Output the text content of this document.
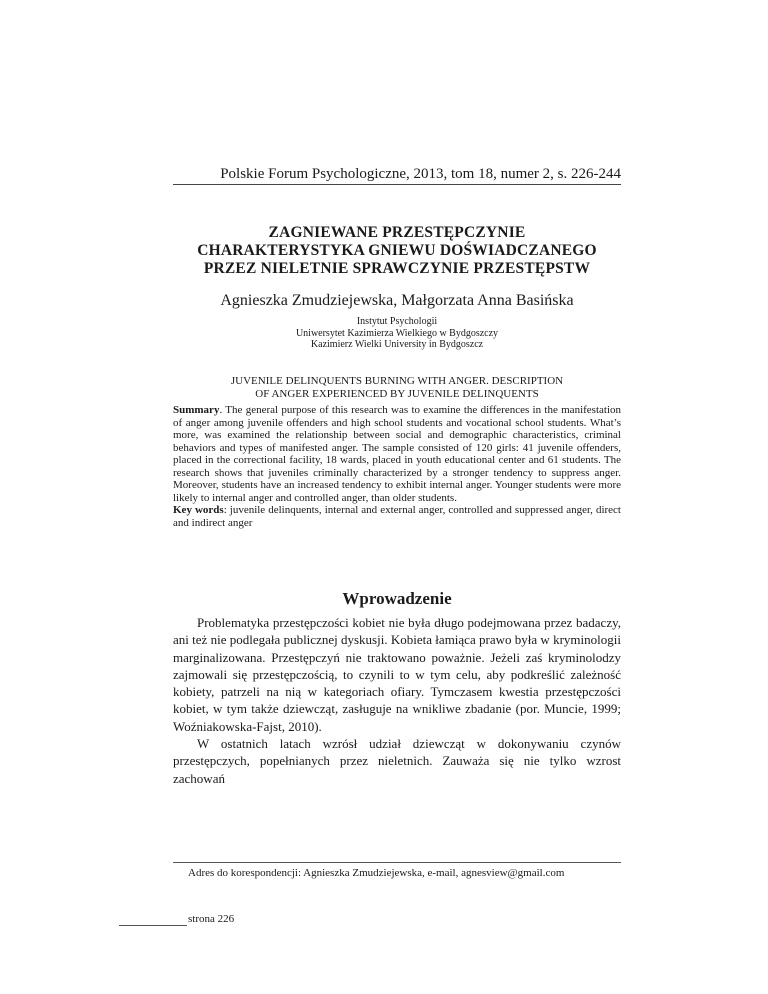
Polskie Forum Psychologiczne, 2013, tom 18, numer 2, s. 226-244
ZAGNIEWANE PRZESTĘPCZYNIE
CHARAKTERYSTYKA GNIEWU DOŚWIADCZANEGO
PRZEZ NIELETNIE SPRAWCZYNIE PRZESTĘPSTW
Agnieszka Zmudziejewska, Małgorzata Anna Basińska
Instytut Psychologii
Uniwersytet Kazimierza Wielkiego w Bydgoszczy
Kazimierz Wielki University in Bydgoszcz
JUVENILE DELINQUENTS BURNING WITH ANGER. DESCRIPTION
OF ANGER EXPERIENCED BY JUVENILE DELINQUENTS

Summary. The general purpose of this research was to examine the differences in the manifestation of anger among juvenile offenders and high school students and vocational school students. What’s more, was examined the relationship between social and demographic characteristics, criminal behaviors and types of manifested anger. The sample consisted of 120 girls: 41 juvenile offenders, placed in the correctional facility, 18 wards, placed in youth educational center and 61 students. The research shows that juveniles criminally characterized by a stronger tendency to suppress anger. Moreover, students have an increased tendency to exhibit internal anger. Younger students were more likely to internal anger and controlled anger, than older students.

Key words: juvenile delinquents, internal and external anger, controlled and suppressed anger, direct and indirect anger

Wprowadzenie

Problematyka przestępczości kobiet nie była długo podejmowana przez badaczy, ani też nie podlegała publicznej dyskusji. Kobieta łamiąca prawo była w kryminologii marginalizowana. Przestępczyń nie traktowano poważnie. Jeżeli zaś kryminolodzy zajmowali się przestępczością, to czynili to w tym celu, aby podkreślić zależność kobiety, patrzeli na nią w kategoriach ofiary. Tymczasem kwestia przestępczości kobiet, w tym także dziewcząt, zasługuje na wnikliwe zbadanie (por. Muncie, 1999; Woźniakowska-Fajst, 2010).

W ostatnich latach wzrósł udział dziewcząt w dokonywaniu czynów przestępczych, popełnianych przez nieletnich. Zauważa się nie tylko wzrost zachowań

Adres do korespondencji: Agnieszka Zmudziejewska, e-mail, agnesview@gmail.com
strona 226
